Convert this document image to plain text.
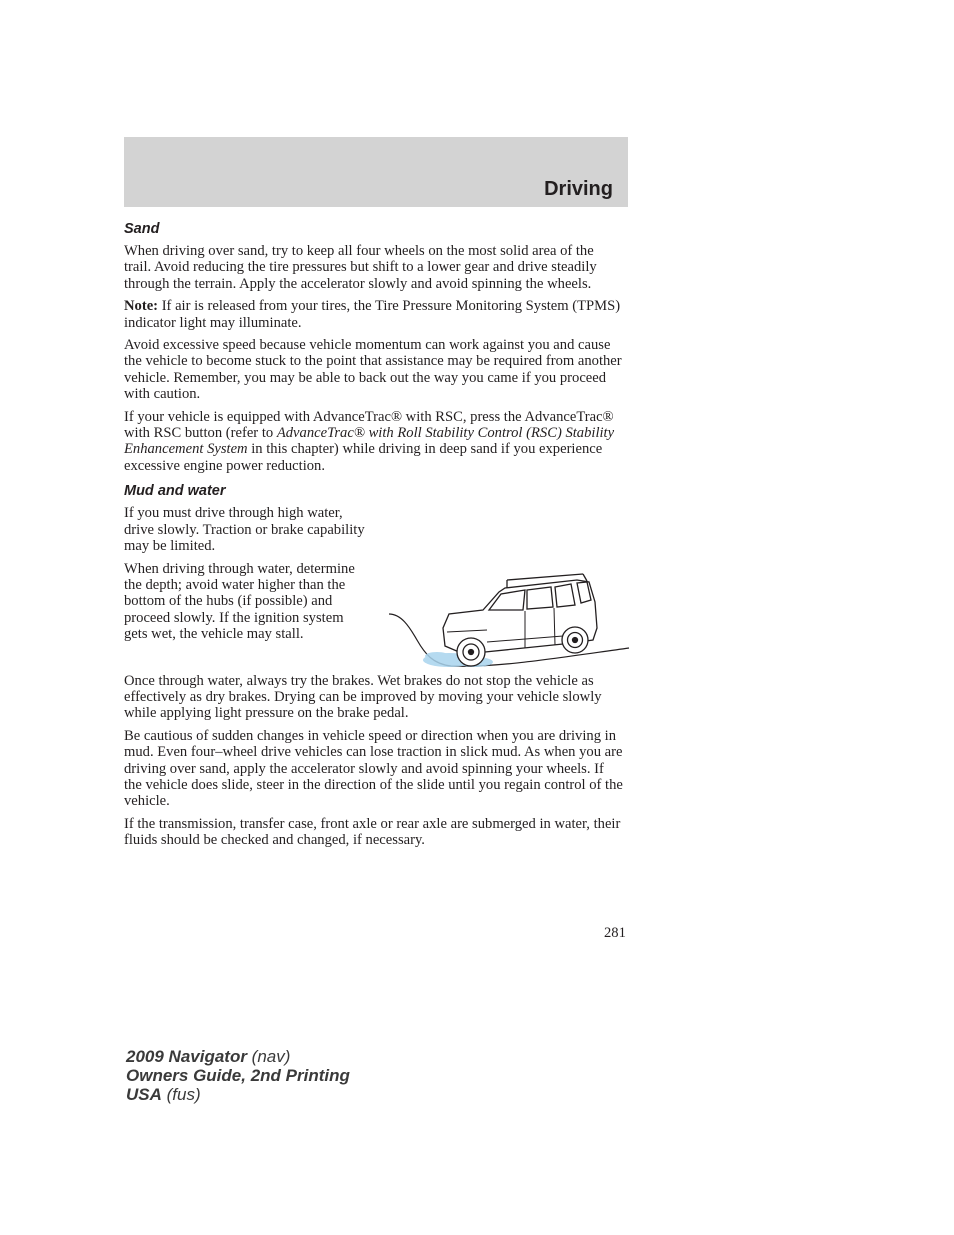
Driving
Sand

When driving over sand, try to keep all four wheels on the most solid area of the trail. Avoid reducing the tire pressures but shift to a lower gear and drive steadily through the terrain. Apply the accelerator slowly and avoid spinning the wheels.

Note: If air is released from your tires, the Tire Pressure Monitoring System (TPMS) indicator light may illuminate.

Avoid excessive speed because vehicle momentum can work against you and cause the vehicle to become stuck to the point that assistance may be required from another vehicle. Remember, you may be able to back out the way you came if you proceed with caution.

If your vehicle is equipped with AdvanceTrac® with RSC, press the AdvanceTrac® with RSC button (refer to AdvanceTrac® with Roll Stability Control (RSC) Stability Enhancement System in this chapter) while driving in deep sand if you experience excessive engine power reduction.

Mud and water

If you must drive through high water, drive slowly. Traction or brake capability may be limited.

When driving through water, determine the depth; avoid water higher than the bottom of the hubs (if possible) and proceed slowly. If the ignition system gets wet, the vehicle may stall.

Once through water, always try the brakes. Wet brakes do not stop the vehicle as effectively as dry brakes. Drying can be improved by moving your vehicle slowly while applying light pressure on the brake pedal.

Be cautious of sudden changes in vehicle speed or direction when you are driving in mud. Even four–wheel drive vehicles can lose traction in slick mud. As when you are driving over sand, apply the accelerator slowly and avoid spinning your wheels. If the vehicle does slide, steer in the direction of the slide until you regain control of the vehicle.

If the transmission, transfer case, front axle or rear axle are submerged in water, their fluids should be checked and changed, if necessary.

281
2009 Navigator (nav)
Owners Guide, 2nd Printing
USA (fus)
